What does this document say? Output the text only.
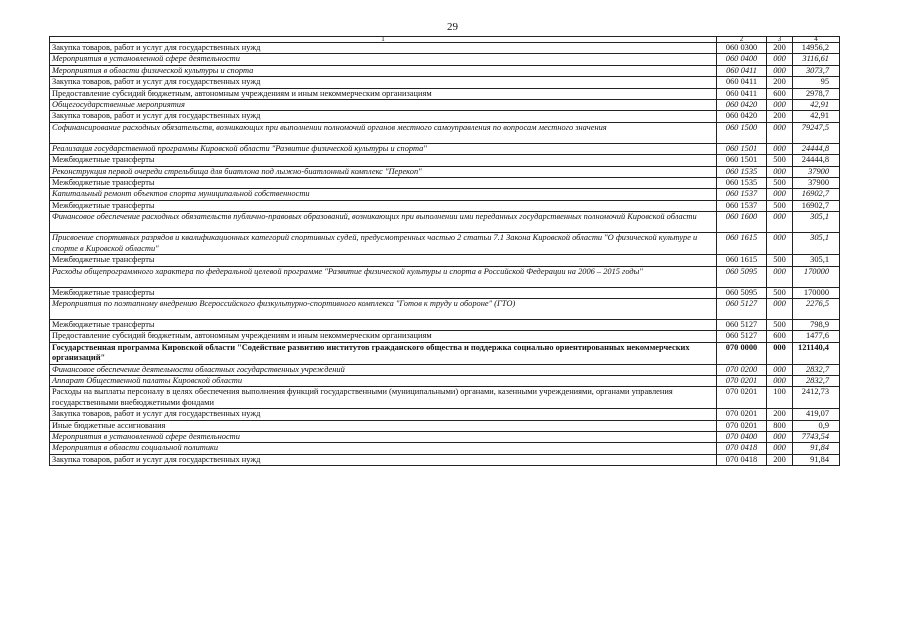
29
1	2	3	4
Закупка товаров, работ и услуг для государственных нужд	060 0300	200	14956,2
Мероприятия в установленной сфере деятельности	060 0400	000	3116,61
Мероприятия в области физической культуры и спорта	060 0411	000	3073,7
Закупка товаров, работ и услуг для государственных нужд	060 0411	200	95
Предоставление субсидий бюджетным, автономным учреждениям и иным некоммерческим организациям	060 0411	600	2978,7
Общегосударственные мероприятия	060 0420	000	42,91
Закупка товаров, работ и услуг для государственных нужд	060 0420	200	42,91
Софинансирование расходных обязательств, возникающих при выполнении полномочий органов местного самоуправления по вопросам местного значения	060 1500	000	79247,5
Реализация государственной программы Кировской области "Развитие физической культуры и спорта"	060 1501	000	24444,8
Межбюджетные трансферты	060 1501	500	24444,8
Реконструкция первой очереди стрельбища для биатлона под лыжно-биатлонный комплекс "Перекоп"	060 1535	000	37900
Межбюджетные трансферты	060 1535	500	37900
Капитальный ремонт объектов спорта муниципальной собственности	060 1537	000	16902,7
Межбюджетные трансферты	060 1537	500	16902,7
Финансовое обеспечение расходных обязательств публично-правовых образований, возникающих при выполнении ими переданных государственных полномочий Кировской области	060 1600	000	305,1
Присвоение спортивных разрядов и квалификационных категорий спортивных судей, предусмотренных частью 2 статьи 7.1 Закона Кировской области "О физической культуре и спорте в Кировской области"	060 1615	000	305,1
Межбюджетные трансферты	060 1615	500	305,1
Расходы общепрограммного характера по федеральной целевой программе "Развитие физической культуры и спорта в Российской Федерации на 2006 – 2015 годы"	060 5095	000	170000
Межбюджетные трансферты	060 5095	500	170000
Мероприятия по поэтапному внедрению Всероссийского физкультурно-спортивного комплекса "Готов к труду и обороне" (ГТО)	060 5127	000	2276,5
Межбюджетные трансферты	060 5127	500	798,9
Предоставление субсидий бюджетным, автономным учреждениям и иным некоммерческим организациям	060 5127	600	1477,6
Государственная программа Кировской области "Содействие развитию институтов гражданского общества и поддержка социально ориентированных некоммерческих организаций"	070 0000	000	121140,4
Финансовое обеспечение деятельности областных государственных учреждений	070 0200	000	2832,7
Аппарат Общественной палаты Кировской области	070 0201	000	2832,7
Расходы на выплаты персоналу в целях обеспечения выполнения функций государственными (муниципальными) органами, казенными учреждениями, органами управления государственными внебюджетными фондами	070 0201	100	2412,73
Закупка товаров, работ и услуг для государственных нужд	070 0201	200	419,07
Иные бюджетные ассигнования	070 0201	800	0,9
Мероприятия в установленной сфере деятельности	070 0400	000	7743,54
Мероприятия в области социальной политики	070 0418	000	91,84
Закупка товаров, работ и услуг для государственных нужд	070 0418	200	91,84
